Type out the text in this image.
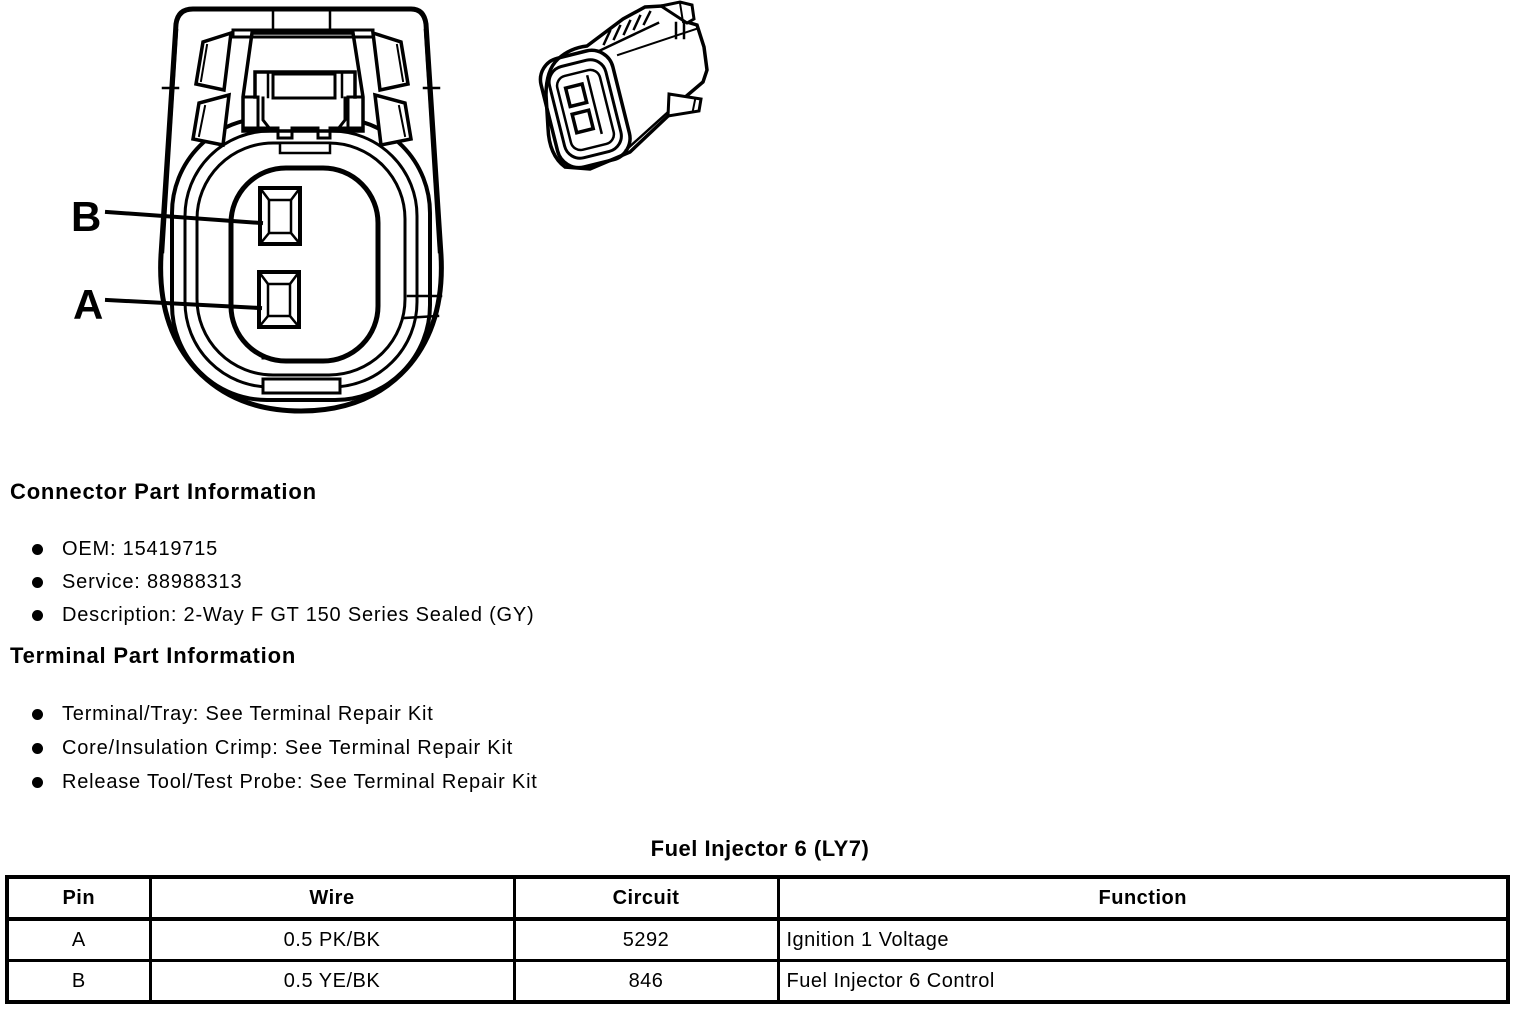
B
A
Connector Part Information
OEM: 15419715
Service: 88988313
Description: 2-Way F GT 150 Series Sealed (GY)
Terminal Part Information
Terminal/Tray: See Terminal Repair Kit
Core/Insulation Crimp: See Terminal Repair Kit
Release Tool/Test Probe: See Terminal Repair Kit
Fuel Injector 6 (LY7)
Pin	Wire	Circuit	Function
A	0.5 PK/BK	5292	Ignition 1 Voltage
B	0.5 YE/BK	846	Fuel Injector 6 Control
